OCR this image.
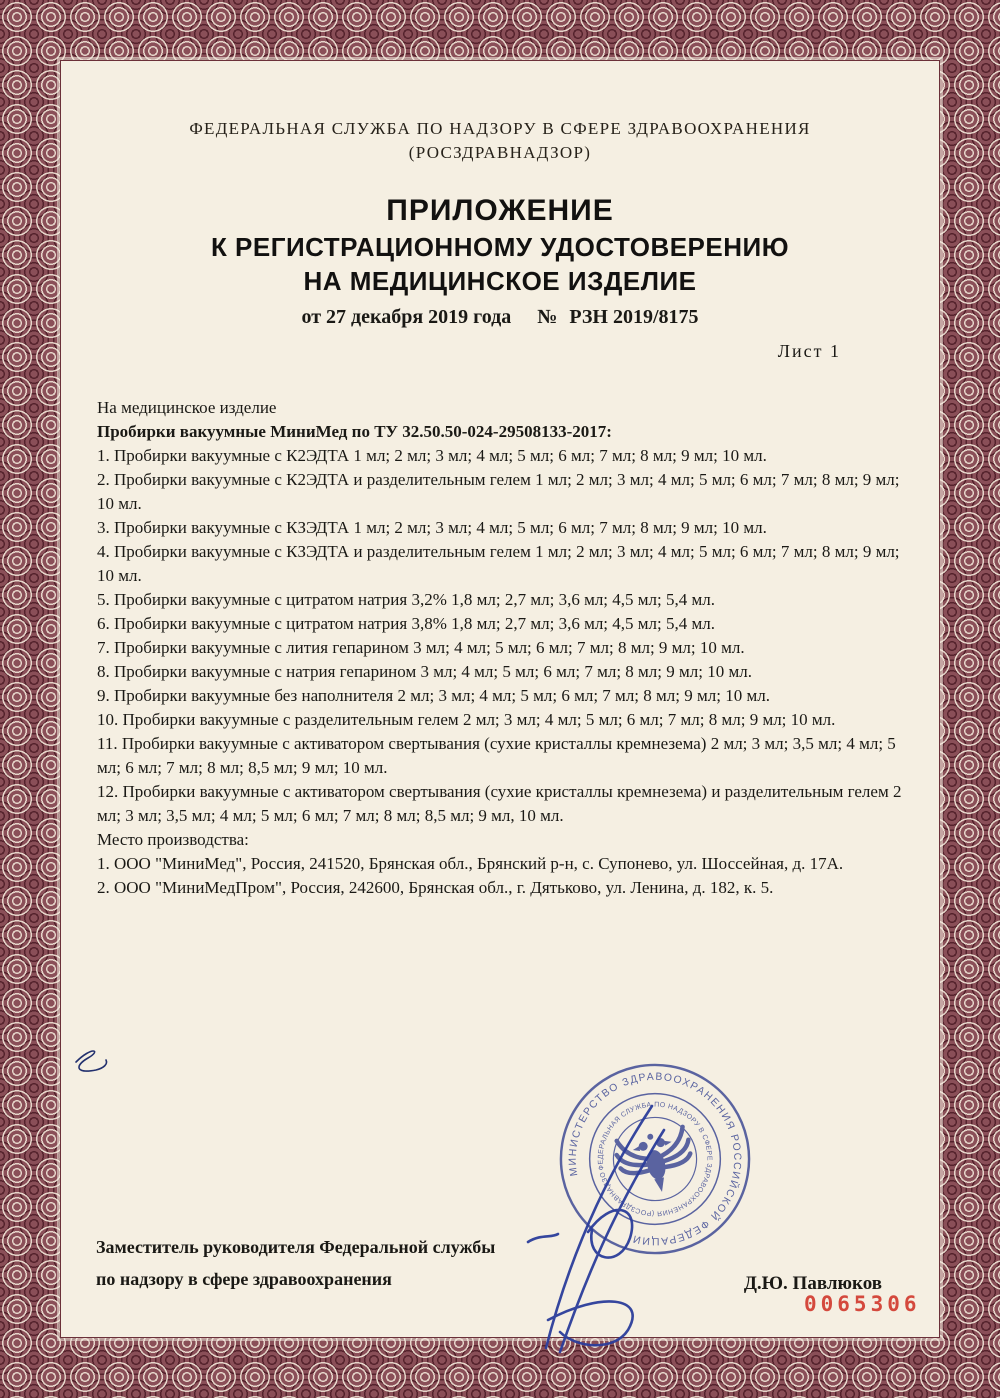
ФЕДЕРАЛЬНАЯ СЛУЖБА ПО НАДЗОРУ В СФЕРЕ ЗДРАВООХРАНЕНИЯ
(РОСЗДРАВНАДЗОР)
ПРИЛОЖЕНИЕ
К РЕГИСТРАЦИОННОМУ УДОСТОВЕРЕНИЮ
НА МЕДИЦИНСКОЕ ИЗДЕЛИЕ
от 27 декабря 2019 года № РЗН 2019/8175
Лист 1

На медицинское изделие

Пробирки вакуумные МиниМед по ТУ 32.50.50-024-29508133-2017:

1. Пробирки вакуумные с К2ЭДТА 1 мл; 2 мл; 3 мл; 4 мл; 5 мл; 6 мл; 7 мл; 8 мл; 9 мл; 10 мл.

2. Пробирки вакуумные с К2ЭДТА и разделительным гелем 1 мл; 2 мл; 3 мл; 4 мл; 5 мл; 6 мл; 7 мл; 8 мл; 9 мл; 10 мл.

3. Пробирки вакуумные с КЗЭДТА 1 мл; 2 мл; 3 мл; 4 мл; 5 мл; 6 мл; 7 мл; 8 мл; 9 мл; 10 мл.

4. Пробирки вакуумные с КЗЭДТА и разделительным гелем 1 мл; 2 мл; 3 мл; 4 мл; 5 мл; 6 мл; 7 мл; 8 мл; 9 мл; 10 мл.

5. Пробирки вакуумные с цитратом натрия 3,2% 1,8 мл; 2,7 мл; 3,6 мл; 4,5 мл; 5,4 мл.

6. Пробирки вакуумные с цитратом натрия 3,8% 1,8 мл; 2,7 мл; 3,6 мл; 4,5 мл; 5,4 мл.

7. Пробирки вакуумные с лития гепарином 3 мл; 4 мл; 5 мл; 6 мл; 7 мл; 8 мл; 9 мл; 10 мл.

8. Пробирки вакуумные с натрия гепарином 3 мл; 4 мл; 5 мл; 6 мл; 7 мл; 8 мл; 9 мл; 10 мл.

9. Пробирки вакуумные без наполнителя 2 мл; 3 мл; 4 мл; 5 мл; 6 мл; 7 мл; 8 мл; 9 мл; 10 мл.

10. Пробирки вакуумные с разделительным гелем 2 мл; 3 мл; 4 мл; 5 мл; 6 мл; 7 мл; 8 мл; 9 мл; 10 мл.

11. Пробирки вакуумные с активатором свертывания (сухие кристаллы кремнезема) 2 мл; 3 мл; 3,5 мл; 4 мл; 5 мл; 6 мл; 7 мл; 8 мл; 8,5 мл; 9 мл; 10 мл.

12. Пробирки вакуумные с активатором свертывания (сухие кристаллы кремнезема) и разделительным гелем 2 мл; 3 мл; 3,5 мл; 4 мл; 5 мл; 6 мл; 7 мл; 8 мл; 8,5 мл; 9 мл, 10 мл.

Место производства:

1. ООО "МиниМед", Россия, 241520, Брянская обл., Брянский р-н, с. Супонево, ул. Шоссейная, д. 17А.

2. ООО "МиниМедПром", Россия, 242600, Брянская обл., г. Дятьково, ул. Ленина, д. 182, к. 5.

Заместитель руководителя Федеральной службы
по надзору в сфере здравоохранения	Д.Ю. Павлюков
МИНИСТЕРСТВО ЗДРАВООХРАНЕНИЯ РОССИЙСКОЙ ФЕДЕРАЦИИ
ФЕДЕРАЛЬНАЯ СЛУЖБА ПО НАДЗОРУ В СФЕРЕ ЗДРАВООХРАНЕНИЯ (РОСЗДРАВНАДЗОР)
0065306
